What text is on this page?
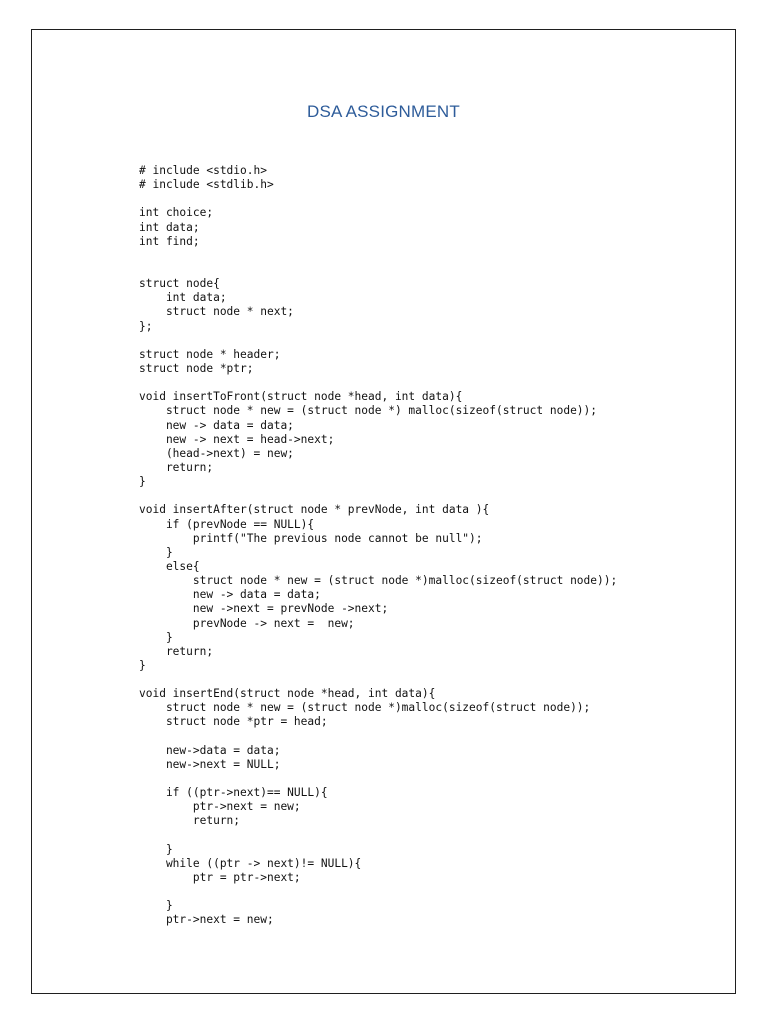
DSA ASSIGNMENT
# include <stdio.h>
# include <stdlib.h>
int choice;
int data;
int find;
struct node{
int data;
struct node * next;
};
struct node * header;
struct node *ptr;
void insertToFront(struct node *head, int data){
struct node * new = (struct node *) malloc(sizeof(struct node));
new -> data = data;
new -> next = head->next;
(head->next) = new;
return;
}
void insertAfter(struct node * prevNode, int data ){
if (prevNode == NULL){
printf("The previous node cannot be null");
}
else{
struct node * new = (struct node *)malloc(sizeof(struct node));
new -> data = data;
new ->next = prevNode ->next;
prevNode -> next =  new;
}
return;
}
void insertEnd(struct node *head, int data){
struct node * new = (struct node *)malloc(sizeof(struct node));
struct node *ptr = head;
new->data = data;
new->next = NULL;
if ((ptr->next)== NULL){
ptr->next = new;
return;
}
while ((ptr -> next)!= NULL){
ptr = ptr->next;
}
ptr->next = new;
